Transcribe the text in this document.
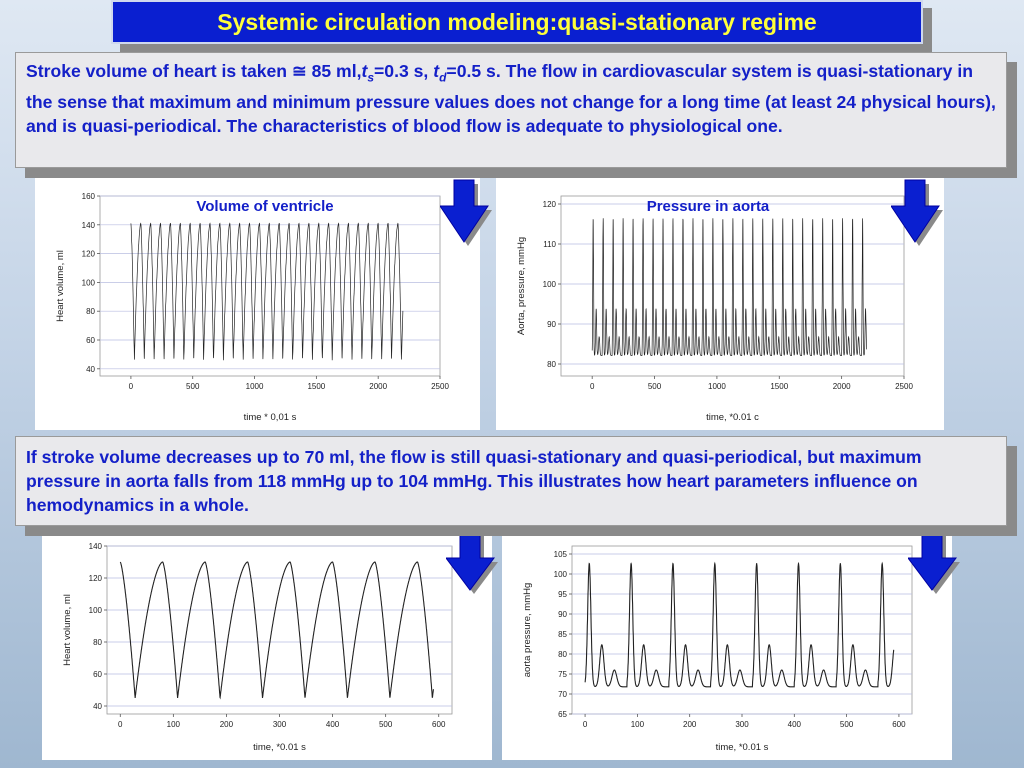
Systemic circulation modeling:quasi-stationary regime
40
60
80
100
120
140
160
0	500	1000	1500	2000	2500
time * 0,01 s
Heart volume, ml
Volume of ventricle
80
90
100
110
120
0	500	1000	1500	2000	2500
time, *0.01 c
Aorta, pressure, mmHg
Pressure in aorta
40
60
80
100
120
140
0	100	200	300	400	500	600
time, *0.01 s
Heart volume, ml
65
70
75
80
85
90
95
100
105
0	100	200	300	400	500	600
time, *0.01 s
aorta pressure, mmHg
Stroke volume of heart is taken ≅ 85 $ml,t_s=0.3$ s, $t_d=0.5$ s. The flow in cardiovascular system is quasi-stationary in the sense that maximum and minimum pressure values does not change for a long time (at least 24 physical hours), and is quasi-periodical. The characteristics of blood flow is adequate to physiological one.
If stroke volume decreases up to 70 ml, the flow is still quasi-stationary and quasi-periodical, but maximum pressure in aorta falls from 118 mmHg up to 104 mmHg. This illustrates how heart parameters influence on hemodynamics in a whole.
